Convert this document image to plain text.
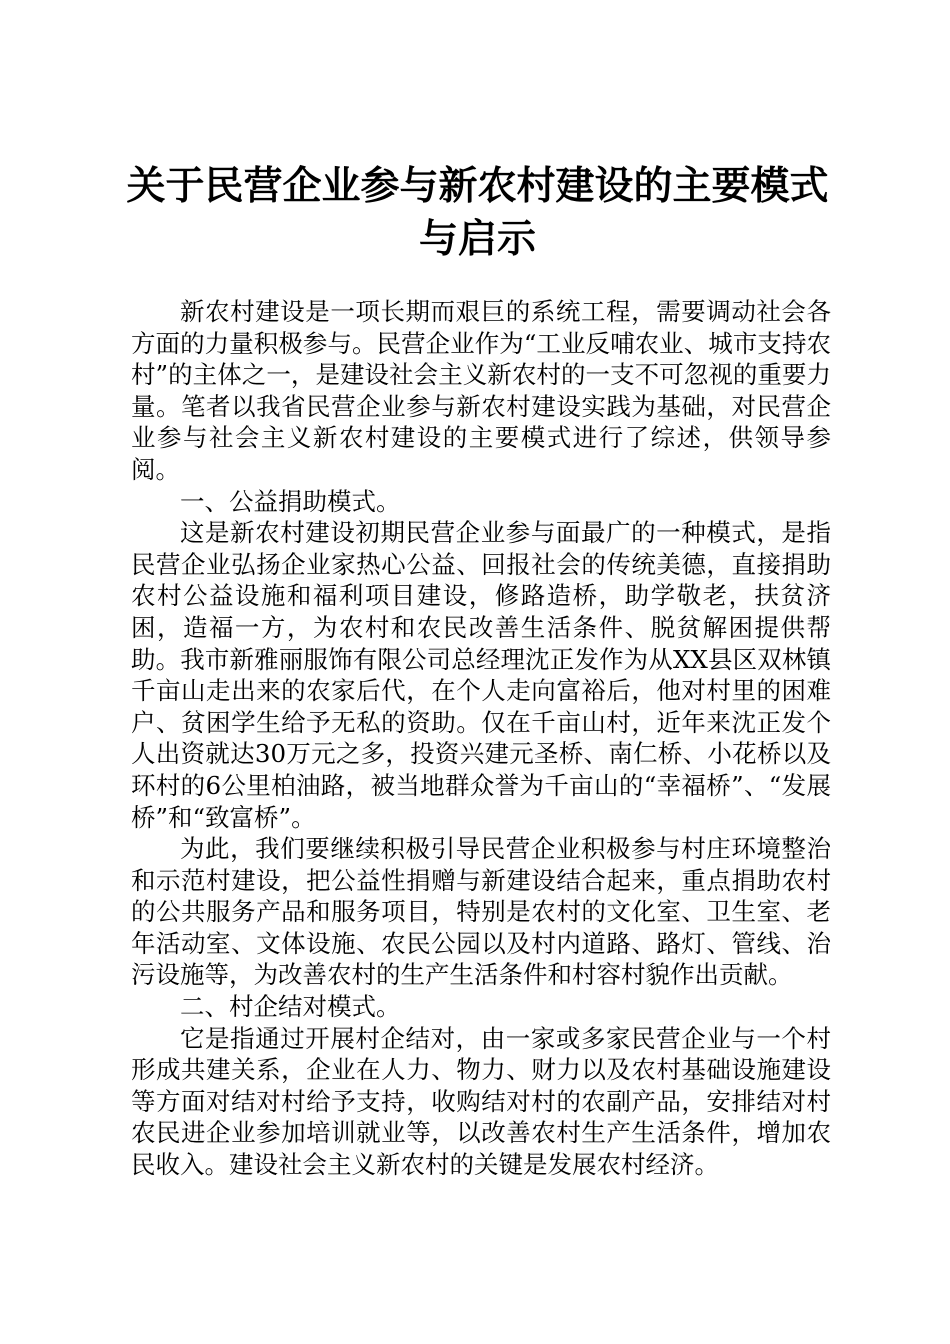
关于民营企业参与新农村建设的主要模式与启示

新农村建设是一项长期而艰巨的系统工程，需要调动社会各方面的力量积极参与。民营企业作为“工业反哺农业、城市支持农村”的主体之一，是建设社会主义新农村的一支不可忽视的重要力量。笔者以我省民营企业参与新农村建设实践为基础，对民营企业参与社会主义新农村建设的主要模式进行了综述，供领导参阅。

一、公益捐助模式。

这是新农村建设初期民营企业参与面最广的一种模式，是指民营企业弘扬企业家热心公益、回报社会的传统美德，直接捐助农村公益设施和福利项目建设，修路造桥，助学敬老，扶贫济困，造福一方，为农村和农民改善生活条件、脱贫解困提供帮助。我市新雅丽服饰有限公司总经理沈正发作为从XX县区双林镇千亩山走出来的农家后代，在个人走向富裕后，他对村里的困难户、贫困学生给予无私的资助。仅在千亩山村，近年来沈正发个人出资就达30万元之多，投资兴建元圣桥、南仁桥、小花桥以及环村的6公里柏油路，被当地群众誉为千亩山的“幸福桥”、“发展桥”和“致富桥”。

为此，我们要继续积极引导民营企业积极参与村庄环境整治和示范村建设，把公益性捐赠与新建设结合起来，重点捐助农村的公共服务产品和服务项目，特别是农村的文化室、卫生室、老年活动室、文体设施、农民公园以及村内道路、路灯、管线、治污设施等，为改善农村的生产生活条件和村容村貌作出贡献。

二、村企结对模式。

它是指通过开展村企结对，由一家或多家民营企业与一个村形成共建关系，企业在人力、物力、财力以及农村基础设施建设等方面对结对村给予支持，收购结对村的农副产品，安排结对村农民进企业参加培训就业等，以改善农村生产生活条件，增加农民收入。建设社会主义新农村的关键是发展农村经济。
